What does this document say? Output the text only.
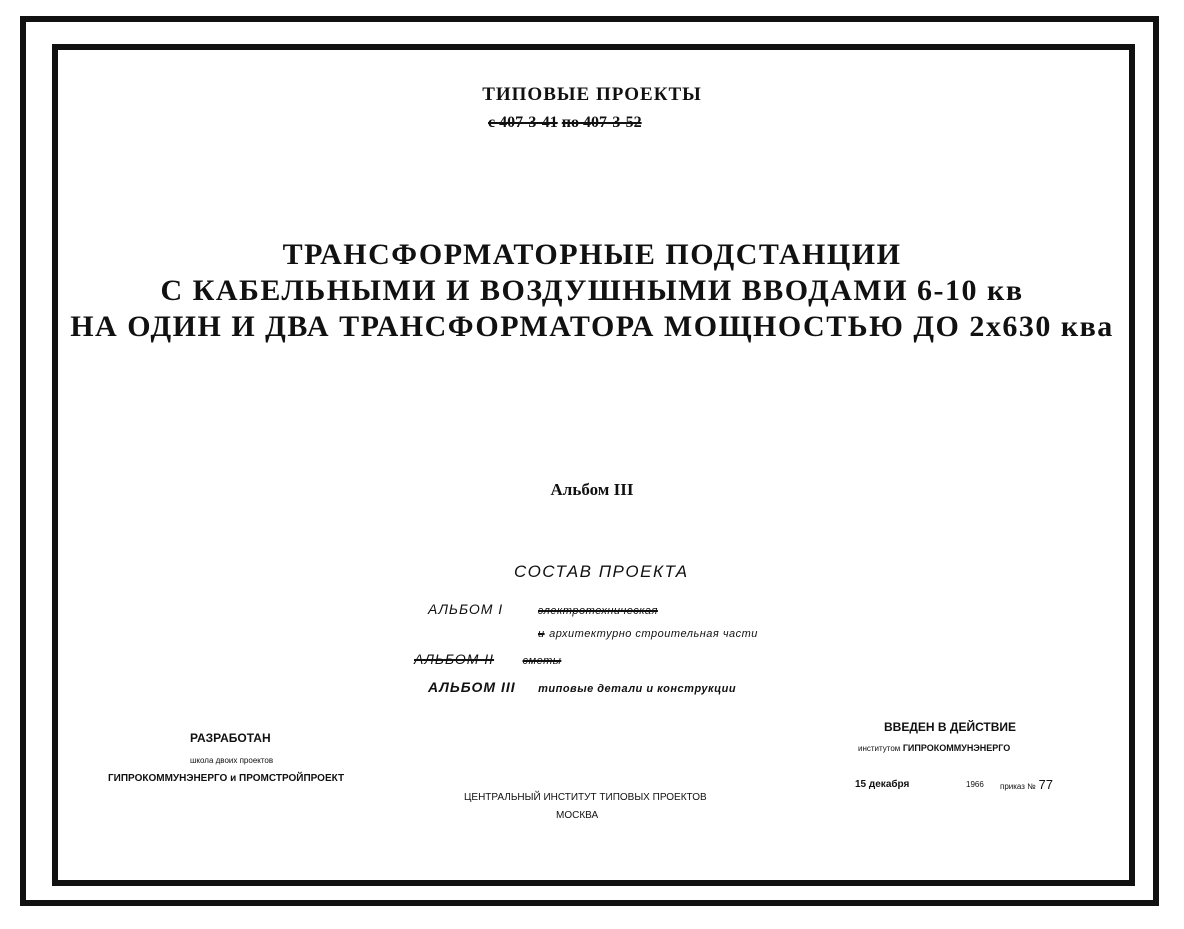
ТИПОВЫЕ ПРОЕКТЫ
с 407-3-41 по 407-3-52
ТРАНСФОРМАТОРНЫЕ ПОДСТАНЦИИ
С КАБЕЛЬНЫМИ И ВОЗДУШНЫМИ ВВОДАМИ 6-10 кв
НА ОДИН И ДВА ТРАНСФОРМАТОРА МОЩНОСТЬЮ ДО 2х630 ква
Альбом III
СОСТАВ ПРОЕКТА
АЛЬБОМ I	электротехническая
и архитектурно строительная части
АЛЬБОМ II	сметы
АЛЬБОМ III типовые детали и конструкции
РАЗРАБОТАН
школа двоих проектов
ГИПРОКОММУНЭНЕРГО и ПРОМСТРОЙПРОЕКТ
ЦЕНТРАЛЬНЫЙ ИНСТИТУТ ТИПОВЫХ ПРОЕКТОВ
МОСКВА
ВВЕДЕН В ДЕЙСТВИЕ
институтом ГИПРОКОММУНЭНЕРГО
15 декабря	1966 приказ № 77
